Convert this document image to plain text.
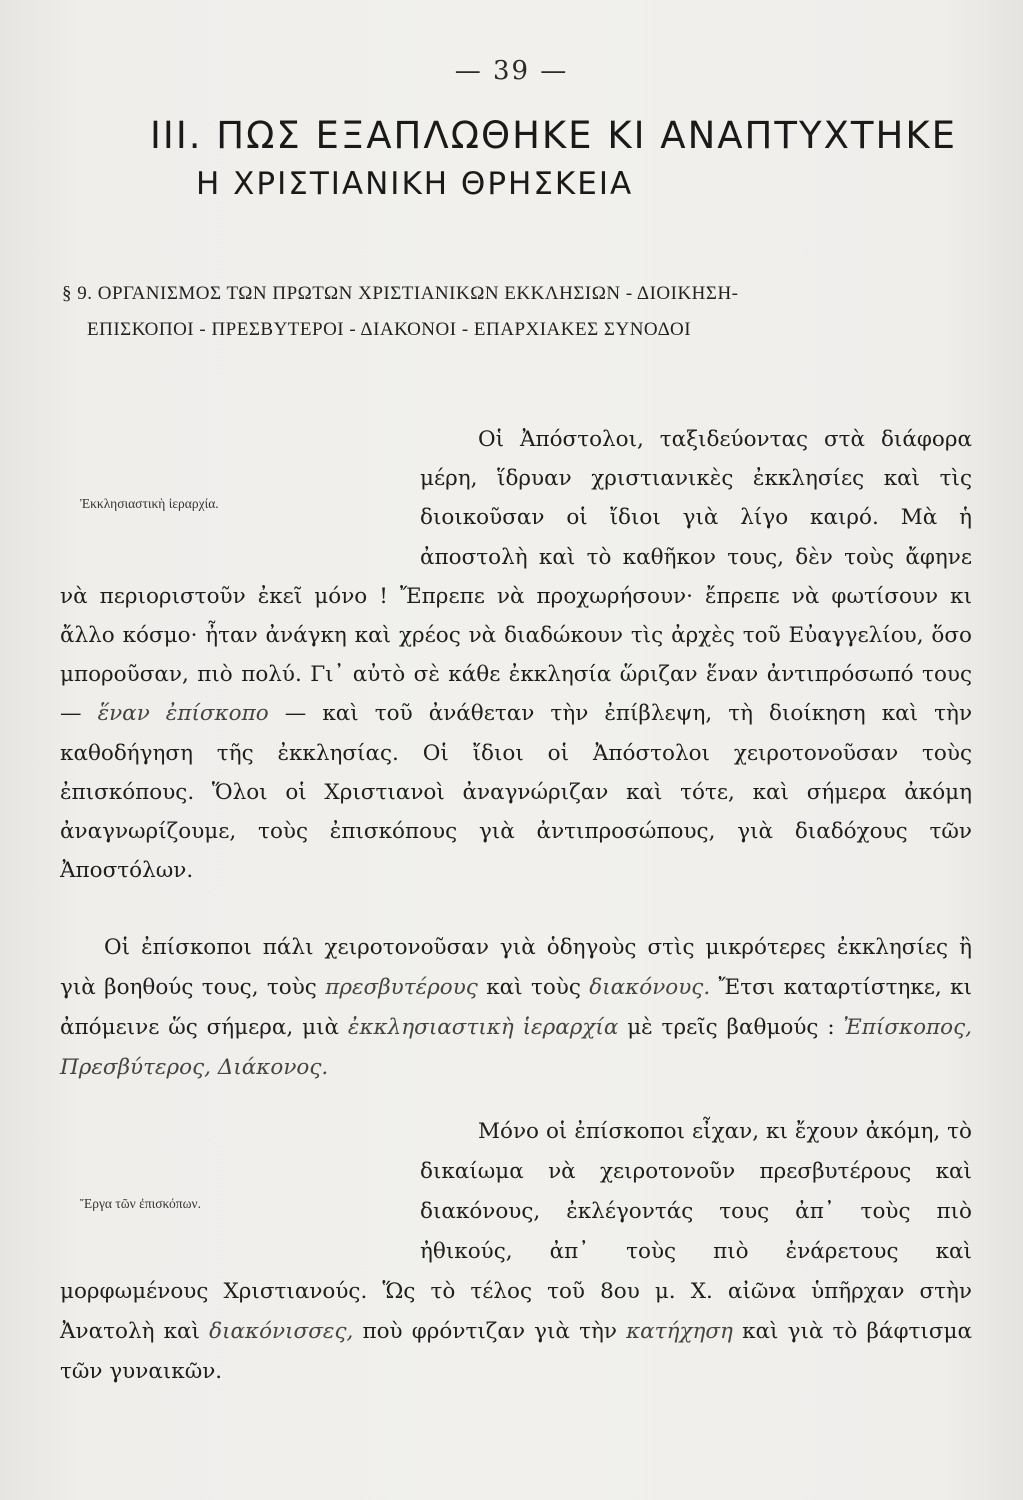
— 39 —
III. ΠΩΣ ΕΞΑΠΛΩΘΗΚΕ ΚΙ ΑΝΑΠΤΥΧΤΗΚΕ
Η ΧΡΙΣΤΙΑΝΙΚΗ ΘΡΗΣΚΕΙΑ
§ 9. ΟΡΓΑΝΙΣΜΟΣ ΤΩΝ ΠΡΩΤΩΝ ΧΡΙΣΤΙΑΝΙΚΩΝ ΕΚΚΛΗΣΙΩΝ - ΔΙΟΙΚΗΣΗ-
ΕΠΙΣΚΟΠΟΙ - ΠΡΕΣΒΥΤΕΡΟΙ - ΔΙΑΚΟΝΟΙ - ΕΠΑΡΧΙΑΚΕΣ ΣΥΝΟΔΟΙ
Ἐκκλησιαστικὴ ἱεραρχία.
Οἱ Ἀπόστολοι, ταξιδεύοντας στὰ διάφορα μέρη, ἵδρυαν χριστιανικὲς ἐκκλησίες καὶ τὶς διοικοῦσαν οἱ ἴδιοι γιὰ λίγο καιρό. Μὰ ἡ ἀποστολὴ καὶ τὸ καθῆκον τους, δὲν τοὺς ἄφηνε νὰ περιοριστοῦν ἐκεῖ μόνο ! Ἔπρεπε νὰ προχωρήσουν· ἔπρεπε νὰ φωτίσουν κι ἄλλο κόσμο· ἦταν ἀνάγκη καὶ χρέος νὰ διαδώκουν τὶς ἀρχὲς τοῦ Εὐαγγελίου, ὅσο μποροῦσαν, πιὸ πολύ. Γι᾿ αὐτὸ σὲ κάθε ἐκκλησία ὥριζαν ἕναν ἀντιπρόσωπό τους — ἕναν ἐπίσκοπο — καὶ τοῦ ἀνάθεταν τὴν ἐπίβλεψη, τὴ διοίκηση καὶ τὴν καθοδήγηση τῆς ἐκκλησίας. Οἱ ἴδιοι οἱ Ἀπόστολοι χειροτονοῦσαν τοὺς ἐπισκόπους. Ὅλοι οἱ Χριστιανοὶ ἀναγνώριζαν καὶ τότε, καὶ σήμερα ἀκόμη ἀναγνωρίζουμε, τοὺς ἐπισκόπους γιὰ ἀντιπροσώπους, γιὰ διαδόχους τῶν Ἀποστόλων.
Οἱ ἐπίσκοποι πάλι χειροτονοῦσαν γιὰ ὁδηγοὺς στὶς μικρότερες ἐκκλησίες ἢ γιὰ βοηθούς τους, τοὺς πρεσβυτέρους καὶ τοὺς διακόνους. Ἔτσι καταρτίστηκε, κι ἀπόμεινε ὥς σήμερα, μιὰ ἐκκλησιαστικὴ ἱεραρχία μὲ τρεῖς βαθμούς : Ἐπίσκοπος, Πρεσβύτερος, Διάκονος.
Ἔργα τῶν ἐπισκόπων.
Μόνο οἱ ἐπίσκοποι εἶχαν, κι ἔχουν ἀκόμη, τὸ δικαίωμα νὰ χειροτονοῦν πρεσβυτέρους καὶ διακόνους, ἐκλέγοντάς τους ἀπ᾿ τοὺς πιὸ ἠθικούς, ἀπ᾿ τοὺς πιὸ ἐνάρετους καὶ μορφωμένους Χριστιανούς. Ὥς τὸ τέλος τοῦ 8ου μ. Χ. αἰῶνα ὑπῆρχαν στὴν Ἀνατολὴ καὶ διακόνισσες, ποὺ φρόντιζαν γιὰ τὴν κατήχηση καὶ γιὰ τὸ βάφτισμα τῶν γυναικῶν.
